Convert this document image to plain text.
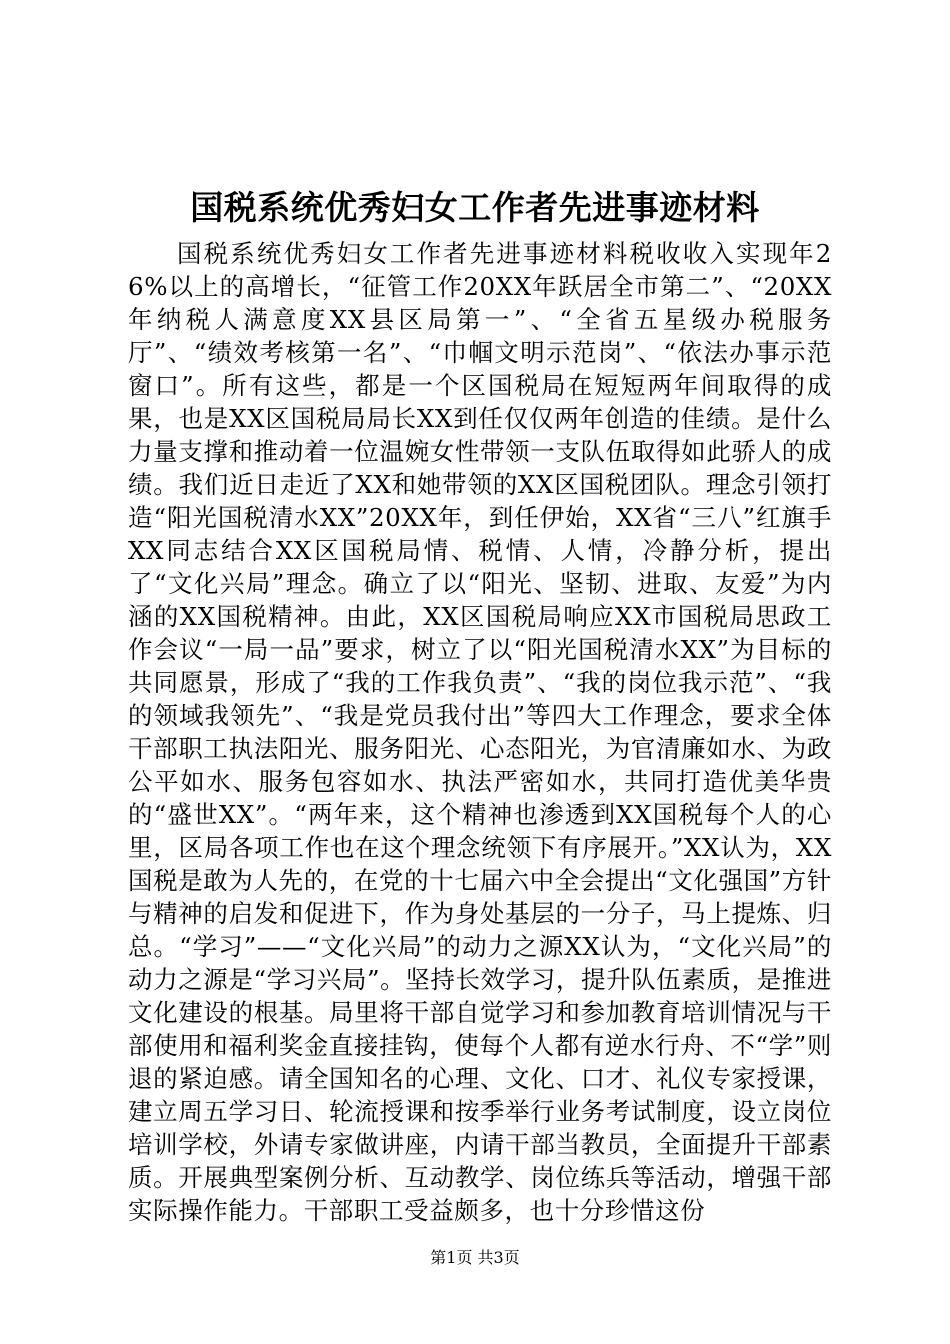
国税系统优秀妇女工作者先进事迹材料
国税系统优秀妇女工作者先进事迹材料税收收入实现年26%以上的高增长，“征管工作20XX年跃居全市第二”、“20XX年纳税人满意度XX县区局第一”、“全省五星级办税服务厅”、“绩效考核第一名”、“巾帼文明示范岗”、“依法办事示范窗口”。所有这些，都是一个区国税局在短短两年间取得的成果，也是XX区国税局局长XX到任仅仅两年创造的佳绩。是什么力量支撑和推动着一位温婉女性带领一支队伍取得如此骄人的成绩。我们近日走近了XX和她带领的XX区国税团队。理念引领打造“阳光国税清水XX”20XX年，到任伊始，XX省“三八”红旗手XX同志结合XX区国税局情、税情、人情，冷静分析，提出了“文化兴局”理念。确立了以“阳光、坚韧、进取、友爱”为内涵的XX国税精神。由此，XX区国税局响应XX市国税局思政工作会议“一局一品”要求，树立了以“阳光国税清水XX”为目标的共同愿景，形成了“我的工作我负责”、“我的岗位我示范”、“我的领域我领先”、“我是党员我付出”等四大工作理念，要求全体干部职工执法阳光、服务阳光、心态阳光，为官清廉如水、为政公平如水、服务包容如水、执法严密如水，共同打造优美华贵的“盛世XX”。“两年来，这个精神也渗透到XX国税每个人的心里，区局各项工作也在这个理念统领下有序展开。”XX认为，XX国税是敢为人先的，在党的十七届六中全会提出“文化强国”方针与精神的启发和促进下，作为身处基层的一分子，马上提炼、归总。“学习”——“文化兴局”的动力之源XX认为，“文化兴局”的动力之源是“学习兴局”。坚持长效学习，提升队伍素质，是推进文化建设的根基。局里将干部自觉学习和参加教育培训情况与干部使用和福利奖金直接挂钩，使每个人都有逆水行舟、不“学”则退的紧迫感。请全国知名的心理、文化、口才、礼仪专家授课，建立周五学习日、轮流授课和按季举行业务考试制度，设立岗位培训学校，外请专家做讲座，内请干部当教员，全面提升干部素质。开展典型案例分析、互动教学、岗位练兵等活动，增强干部实际操作能力。干部职工受益颇多，也十分珍惜这份
第1页 共3页
